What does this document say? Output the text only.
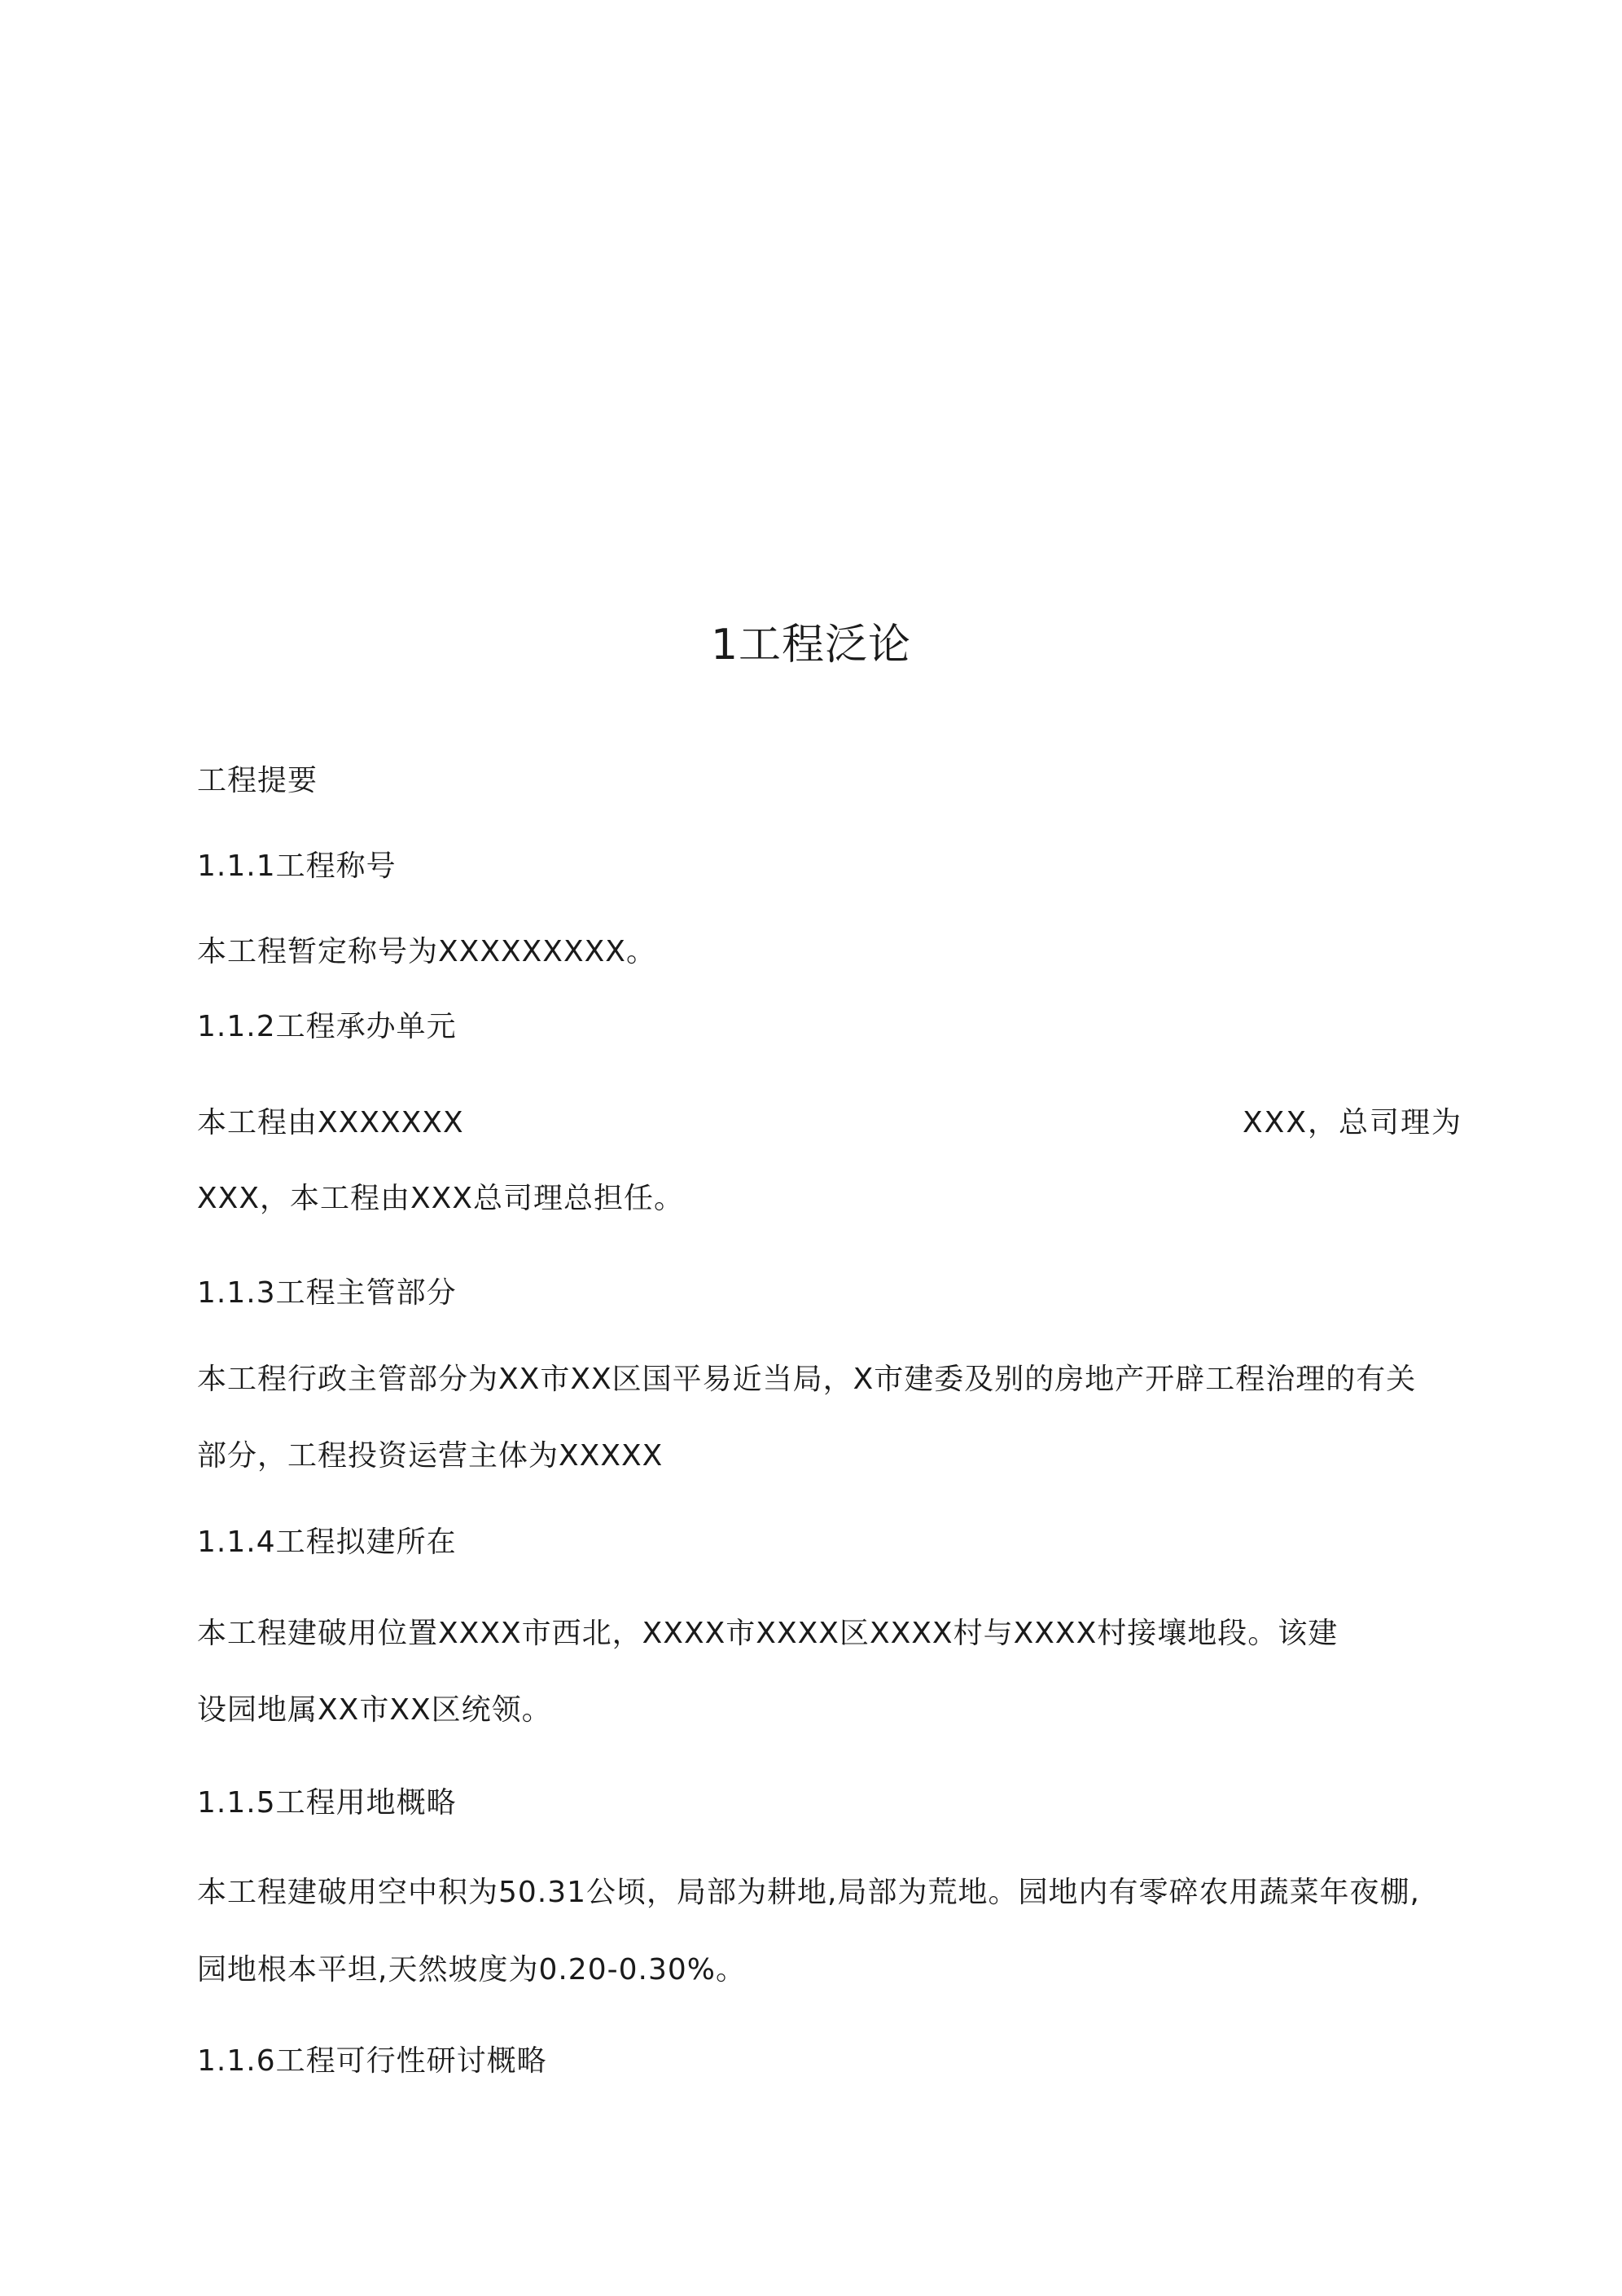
1工程泛论
工程提要
1.1.1工程称号
本工程暂定称号为XXXXXXXXX。
1.1.2工程承办单元
本工程由XXXXXXX	XXX，总司理为
XXX，本工程由XXX总司理总担任。
1.1.3工程主管部分
本工程行政主管部分为XX市XX区国平易近当局，X市建委及别的房地产开辟工程治理的有关
部分，工程投资运营主体为XXXXX
1.1.4工程拟建所在
本工程建破用位置XXXX市西北，XXXX市XXXX区XXXX村与XXXX村接壤地段。该建
设园地属XX市XX区统领。
1.1.5工程用地概略
本工程建破用空中积为50.31公顷，局部为耕地,局部为荒地。园地内有零碎农用蔬菜年夜棚,
园地根本平坦,天然坡度为0.20-0.30%。
1.1.6工程可行性研讨概略
